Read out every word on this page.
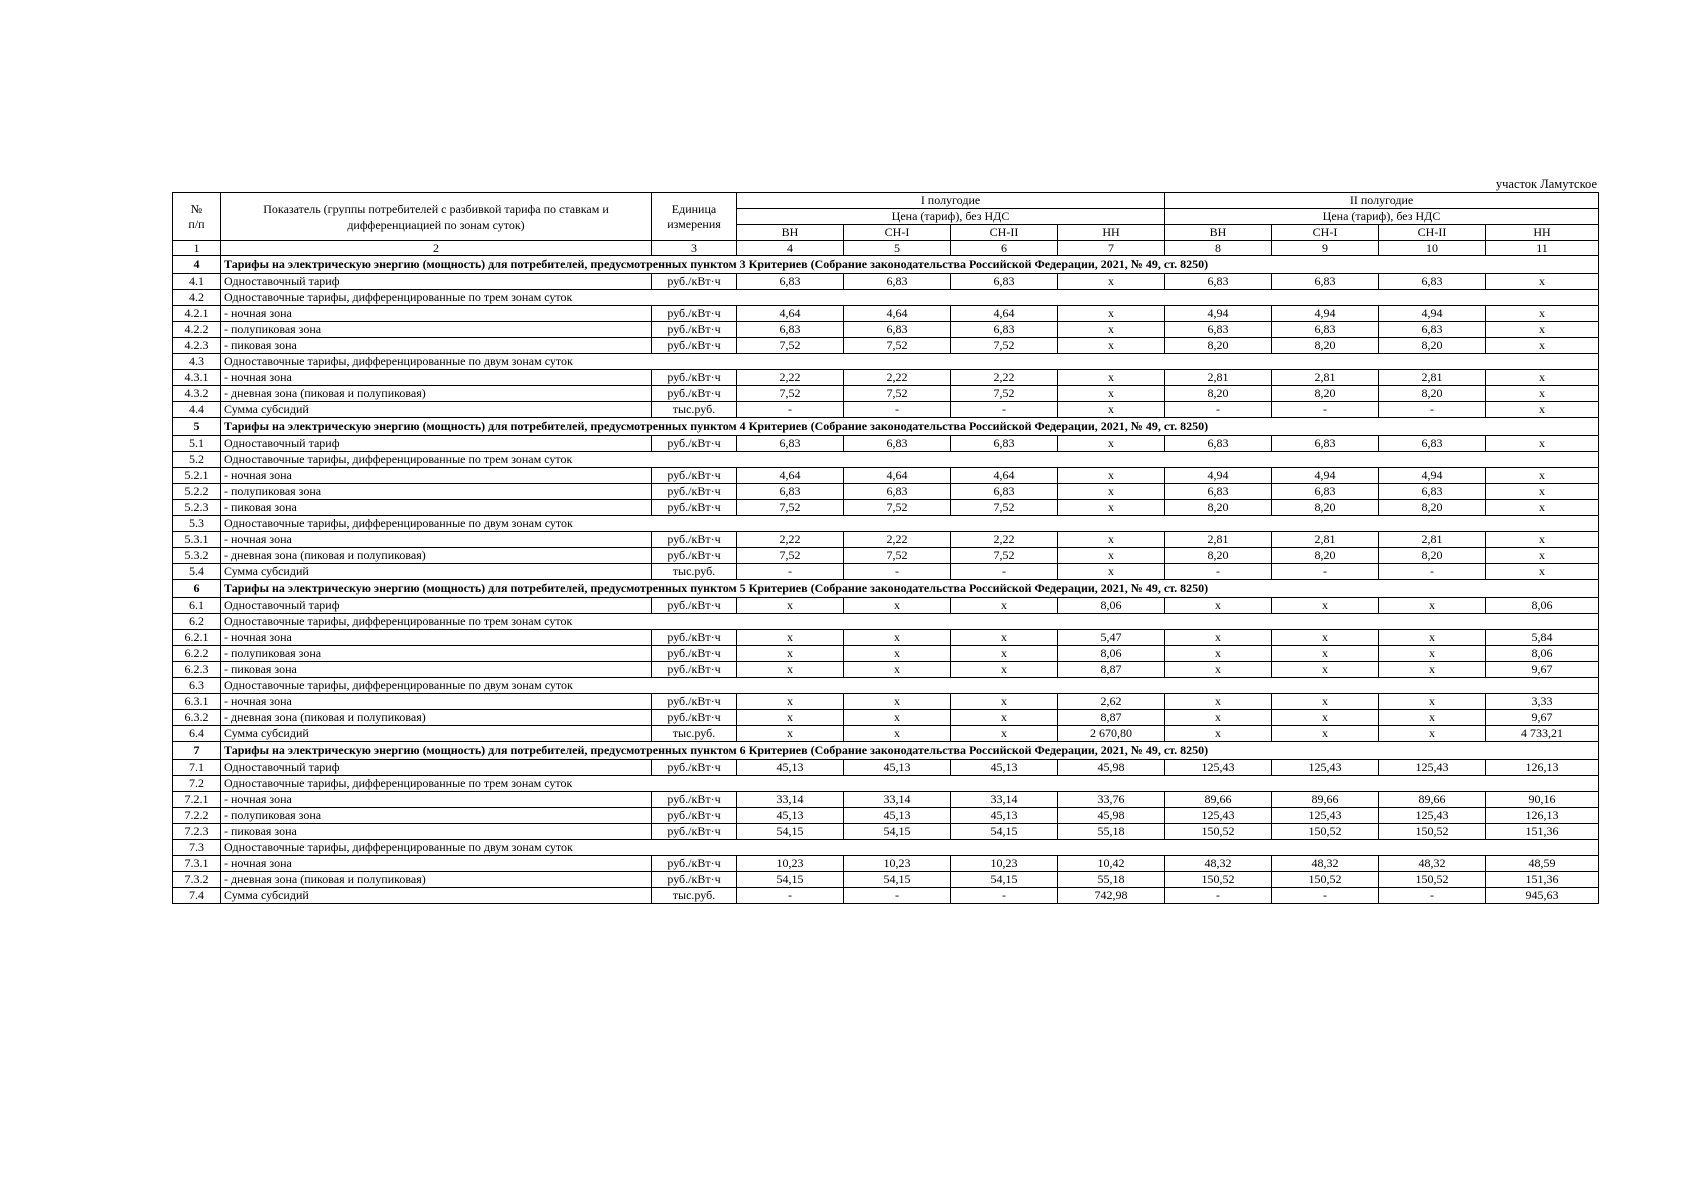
участок Ламутское
№
п/п	Показатель (группы потребителей с разбивкой тарифа по ставкам и дифференциацией по зонам суток)	Единица измерения	I полугодие				II полугодие			
			Цена (тариф), без НДС				Цена (тариф), без НДС			
			ВН	СН-I	СН-II	НН	ВН	СН-I	СН-II	НН
1	2	3	4	5	6	7	8	9	10	11
4	Тарифы на электрическую энергию (мощность) для потребителей, предусмотренных пунктом 3 Критериев (Собрание законодательства Российской Федерации, 2021, № 49, ст. 8250)									
4.1	Одноставочный тариф	руб./кВт·ч	6,83	6,83	6,83	x	6,83	6,83	6,83	x
4.2	Одноставочные тарифы, дифференцированные по трем зонам суток									
4.2.1	- ночная зона	руб./кВт·ч	4,64	4,64	4,64	x	4,94	4,94	4,94	x
4.2.2	- полупиковая зона	руб./кВт·ч	6,83	6,83	6,83	x	6,83	6,83	6,83	x
4.2.3	- пиковая зона	руб./кВт·ч	7,52	7,52	7,52	x	8,20	8,20	8,20	x
4.3	Одноставочные тарифы, дифференцированные по двум зонам суток									
4.3.1	- ночная зона	руб./кВт·ч	2,22	2,22	2,22	x	2,81	2,81	2,81	x
4.3.2	- дневная зона (пиковая и полупиковая)	руб./кВт·ч	7,52	7,52	7,52	x	8,20	8,20	8,20	x
4.4	Сумма субсидий	тыс.руб.	-	-	-	x	-	-	-	x
5	Тарифы на электрическую энергию (мощность) для потребителей, предусмотренных пунктом 4 Критериев (Собрание законодательства Российской Федерации, 2021, № 49, ст. 8250)									
5.1	Одноставочный тариф	руб./кВт·ч	6,83	6,83	6,83	x	6,83	6,83	6,83	x
5.2	Одноставочные тарифы, дифференцированные по трем зонам суток									
5.2.1	- ночная зона	руб./кВт·ч	4,64	4,64	4,64	x	4,94	4,94	4,94	x
5.2.2	- полупиковая зона	руб./кВт·ч	6,83	6,83	6,83	x	6,83	6,83	6,83	x
5.2.3	- пиковая зона	руб./кВт·ч	7,52	7,52	7,52	x	8,20	8,20	8,20	x
5.3	Одноставочные тарифы, дифференцированные по двум зонам суток									
5.3.1	- ночная зона	руб./кВт·ч	2,22	2,22	2,22	x	2,81	2,81	2,81	x
5.3.2	- дневная зона (пиковая и полупиковая)	руб./кВт·ч	7,52	7,52	7,52	x	8,20	8,20	8,20	x
5.4	Сумма субсидий	тыс.руб.	-	-	-	x	-	-	-	x
6	Тарифы на электрическую энергию (мощность) для потребителей, предусмотренных пунктом 5 Критериев (Собрание законодательства Российской Федерации, 2021, № 49, ст. 8250)									
6.1	Одноставочный тариф	руб./кВт·ч	x	x	x	8,06	x	x	x	8,06
6.2	Одноставочные тарифы, дифференцированные по трем зонам суток									
6.2.1	- ночная зона	руб./кВт·ч	x	x	x	5,47	x	x	x	5,84
6.2.2	- полупиковая зона	руб./кВт·ч	x	x	x	8,06	x	x	x	8,06
6.2.3	- пиковая зона	руб./кВт·ч	x	x	x	8,87	x	x	x	9,67
6.3	Одноставочные тарифы, дифференцированные по двум зонам суток									
6.3.1	- ночная зона	руб./кВт·ч	x	x	x	2,62	x	x	x	3,33
6.3.2	- дневная зона (пиковая и полупиковая)	руб./кВт·ч	x	x	x	8,87	x	x	x	9,67
6.4	Сумма субсидий	тыс.руб.	x	x	x	2 670,80	x	x	x	4 733,21
7	Тарифы на электрическую энергию (мощность) для потребителей, предусмотренных пунктом 6 Критериев (Собрание законодательства Российской Федерации, 2021, № 49, ст. 8250)									
7.1	Одноставочный тариф	руб./кВт·ч	45,13	45,13	45,13	45,98	125,43	125,43	125,43	126,13
7.2	Одноставочные тарифы, дифференцированные по трем зонам суток									
7.2.1	- ночная зона	руб./кВт·ч	33,14	33,14	33,14	33,76	89,66	89,66	89,66	90,16
7.2.2	- полупиковая зона	руб./кВт·ч	45,13	45,13	45,13	45,98	125,43	125,43	125,43	126,13
7.2.3	- пиковая зона	руб./кВт·ч	54,15	54,15	54,15	55,18	150,52	150,52	150,52	151,36
7.3	Одноставочные тарифы, дифференцированные по двум зонам суток									
7.3.1	- ночная зона	руб./кВт·ч	10,23	10,23	10,23	10,42	48,32	48,32	48,32	48,59
7.3.2	- дневная зона (пиковая и полупиковая)	руб./кВт·ч	54,15	54,15	54,15	55,18	150,52	150,52	150,52	151,36
7.4	Сумма субсидий	тыс.руб.	-	-	-	742,98	-	-	-	945,63
